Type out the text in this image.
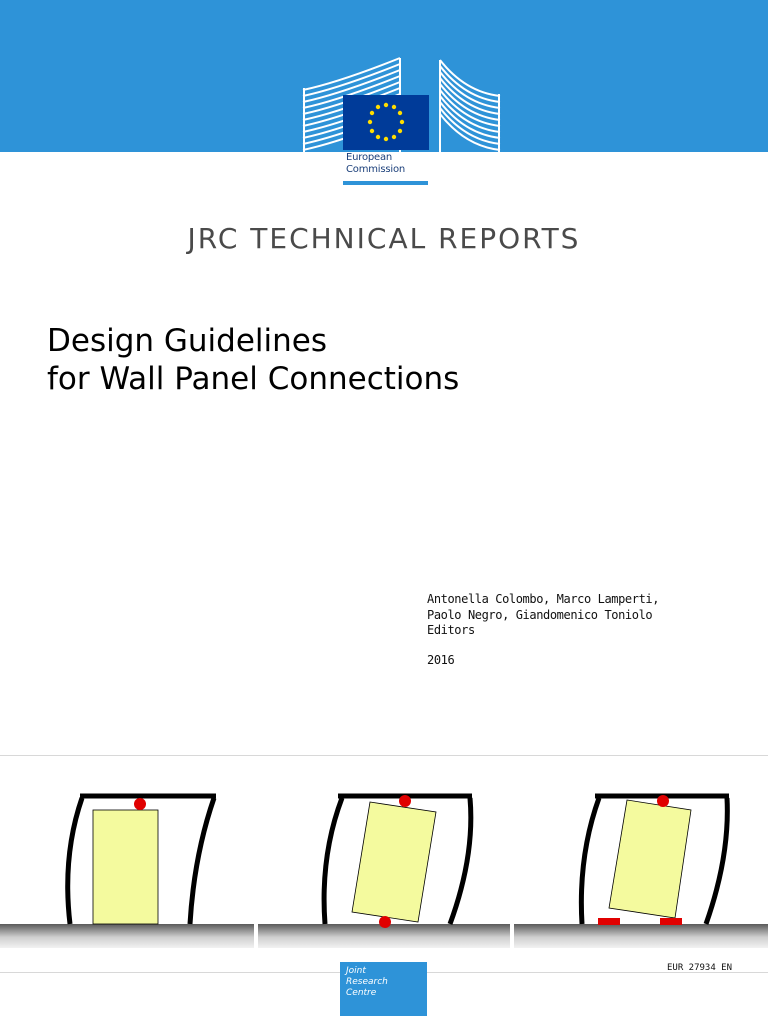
European
Commission
JRC TECHNICAL REPORTS
Design Guidelines
for Wall Panel Connections
Antonella Colombo, Marco Lamperti,
Paolo Negro, Giandomenico Toniolo
Editors
2016
Joint
Research
Centre
EUR 27934 EN
